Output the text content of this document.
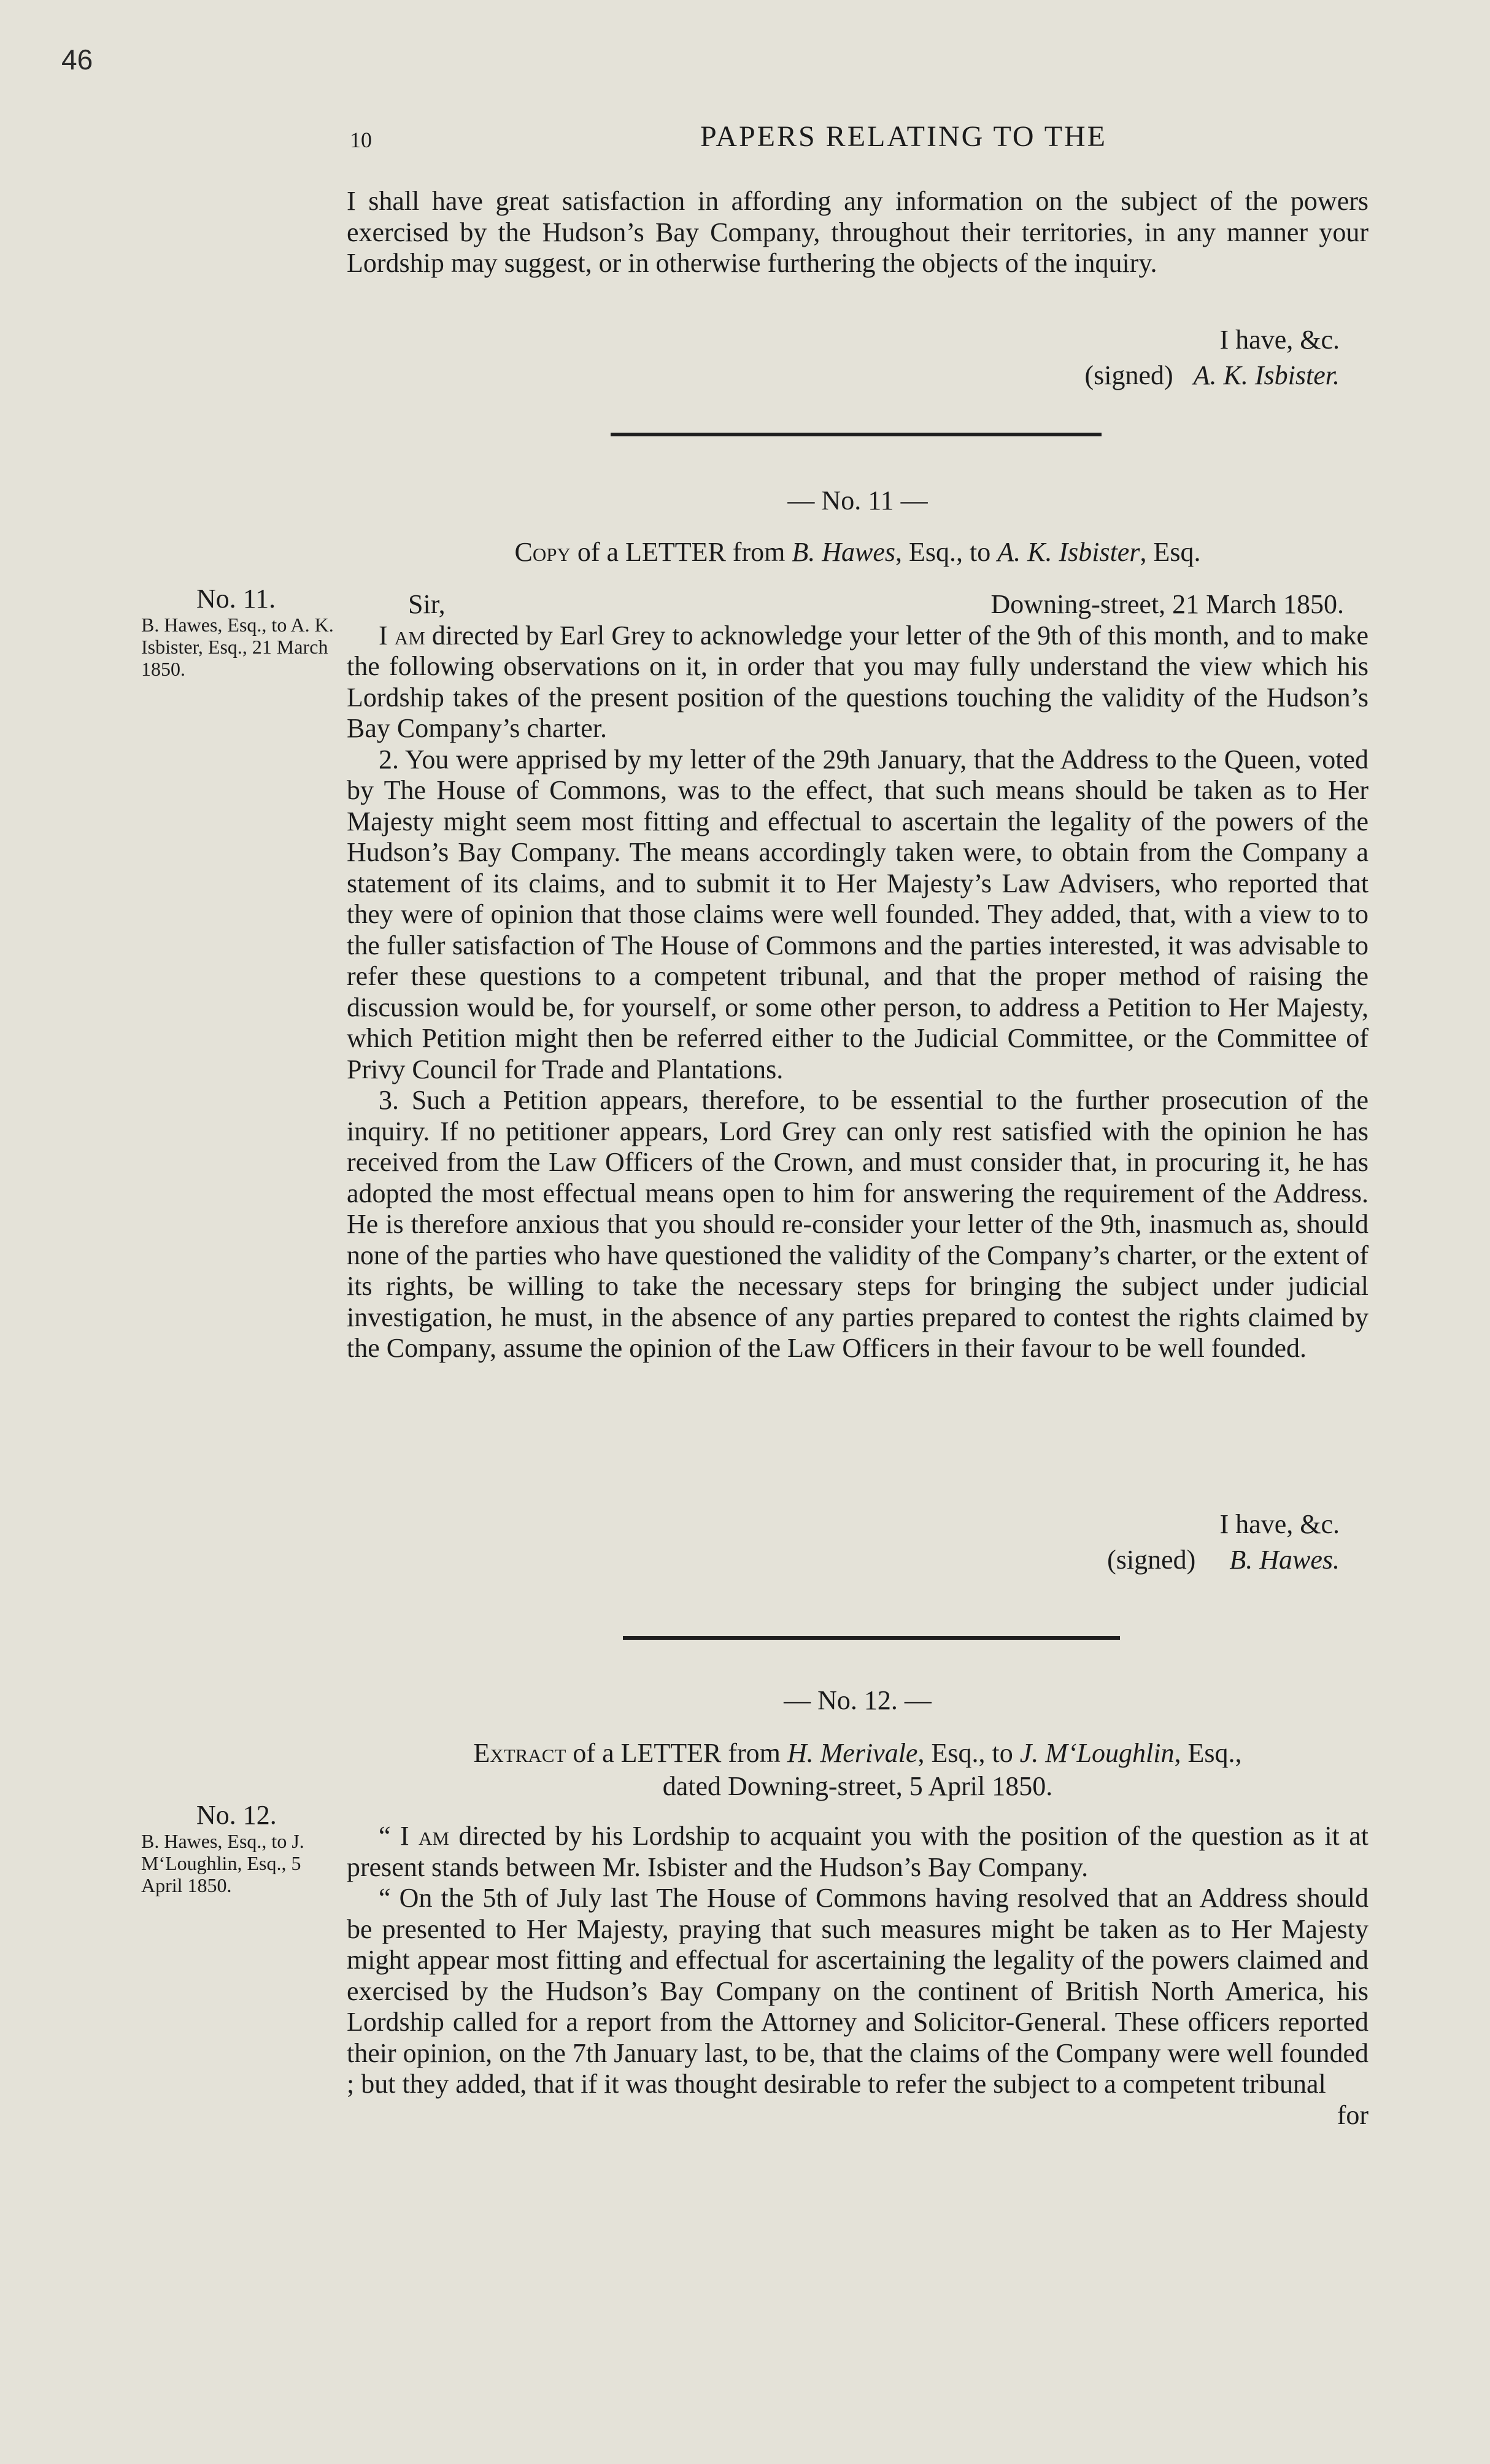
46
10	PAPERS RELATING TO THE

I shall have great satisfaction in affording any information on the subject of the powers exercised by the Hudson’s Bay Company, throughout their territories, in any manner your Lordship may suggest, or in otherwise furthering the objects of the inquiry.

I have, &c.
(signed) A. K. Isbister.
— No. 11 —
Copy of a LETTER from B. Hawes, Esq., to A. K. Isbister, Esq.
No. 11.
B. Hawes, Esq., to A. K. Isbister, Esq., 21 March 1850.
Sir,	Downing-street, 21 March 1850.

I am directed by Earl Grey to acknowledge your letter of the 9th of this month, and to make the following observations on it, in order that you may fully understand the view which his Lordship takes of the present position of the questions touching the validity of the Hudson’s Bay Company’s charter.

2. You were apprised by my letter of the 29th January, that the Address to the Queen, voted by The House of Commons, was to the effect, that such means should be taken as to Her Majesty might seem most fitting and effectual to ascertain the legality of the powers of the Hudson’s Bay Company. The means accordingly taken were, to obtain from the Company a statement of its claims, and to submit it to Her Majesty’s Law Advisers, who reported that they were of opinion that those claims were well founded. They added, that, with a view to to the fuller satisfaction of The House of Commons and the parties interested, it was advisable to refer these questions to a competent tribunal, and that the proper method of raising the discussion would be, for yourself, or some other person, to address a Petition to Her Majesty, which Petition might then be referred either to the Judicial Committee, or the Committee of Privy Council for Trade and Plantations.

3. Such a Petition appears, therefore, to be essential to the further prosecution of the inquiry. If no petitioner appears, Lord Grey can only rest satisfied with the opinion he has received from the Law Officers of the Crown, and must consider that, in procuring it, he has adopted the most effectual means open to him for answering the requirement of the Address. He is therefore anxious that you should re-consider your letter of the 9th, inasmuch as, should none of the parties who have questioned the validity of the Company’s charter, or the extent of its rights, be willing to take the necessary steps for bringing the subject under judicial investigation, he must, in the absence of any parties prepared to contest the rights claimed by the Company, assume the opinion of the Law Officers in their favour to be well founded.

I have, &c.
(signed) B. Hawes.
— No. 12. —
Extract of a LETTER from H. Merivale, Esq., to J. M‘Loughlin, Esq.,
dated Downing-street, 5 April 1850.
No. 12.
B. Hawes, Esq., to J. M‘Loughlin, Esq., 5 April 1850.

“ I am directed by his Lordship to acquaint you with the position of the question as it at present stands between Mr. Isbister and the Hudson’s Bay Company.

“ On the 5th of July last The House of Commons having resolved that an Address should be presented to Her Majesty, praying that such measures might be taken as to Her Majesty might appear most fitting and effectual for ascertaining the legality of the powers claimed and exercised by the Hudson’s Bay Company on the continent of British North America, his Lordship called for a report from the Attorney and Solicitor-General. These officers reported their opinion, on the 7th January last, to be, that the claims of the Company were well founded ; but they added, that if it was thought desirable to refer the subject to a competent tribunal

for
